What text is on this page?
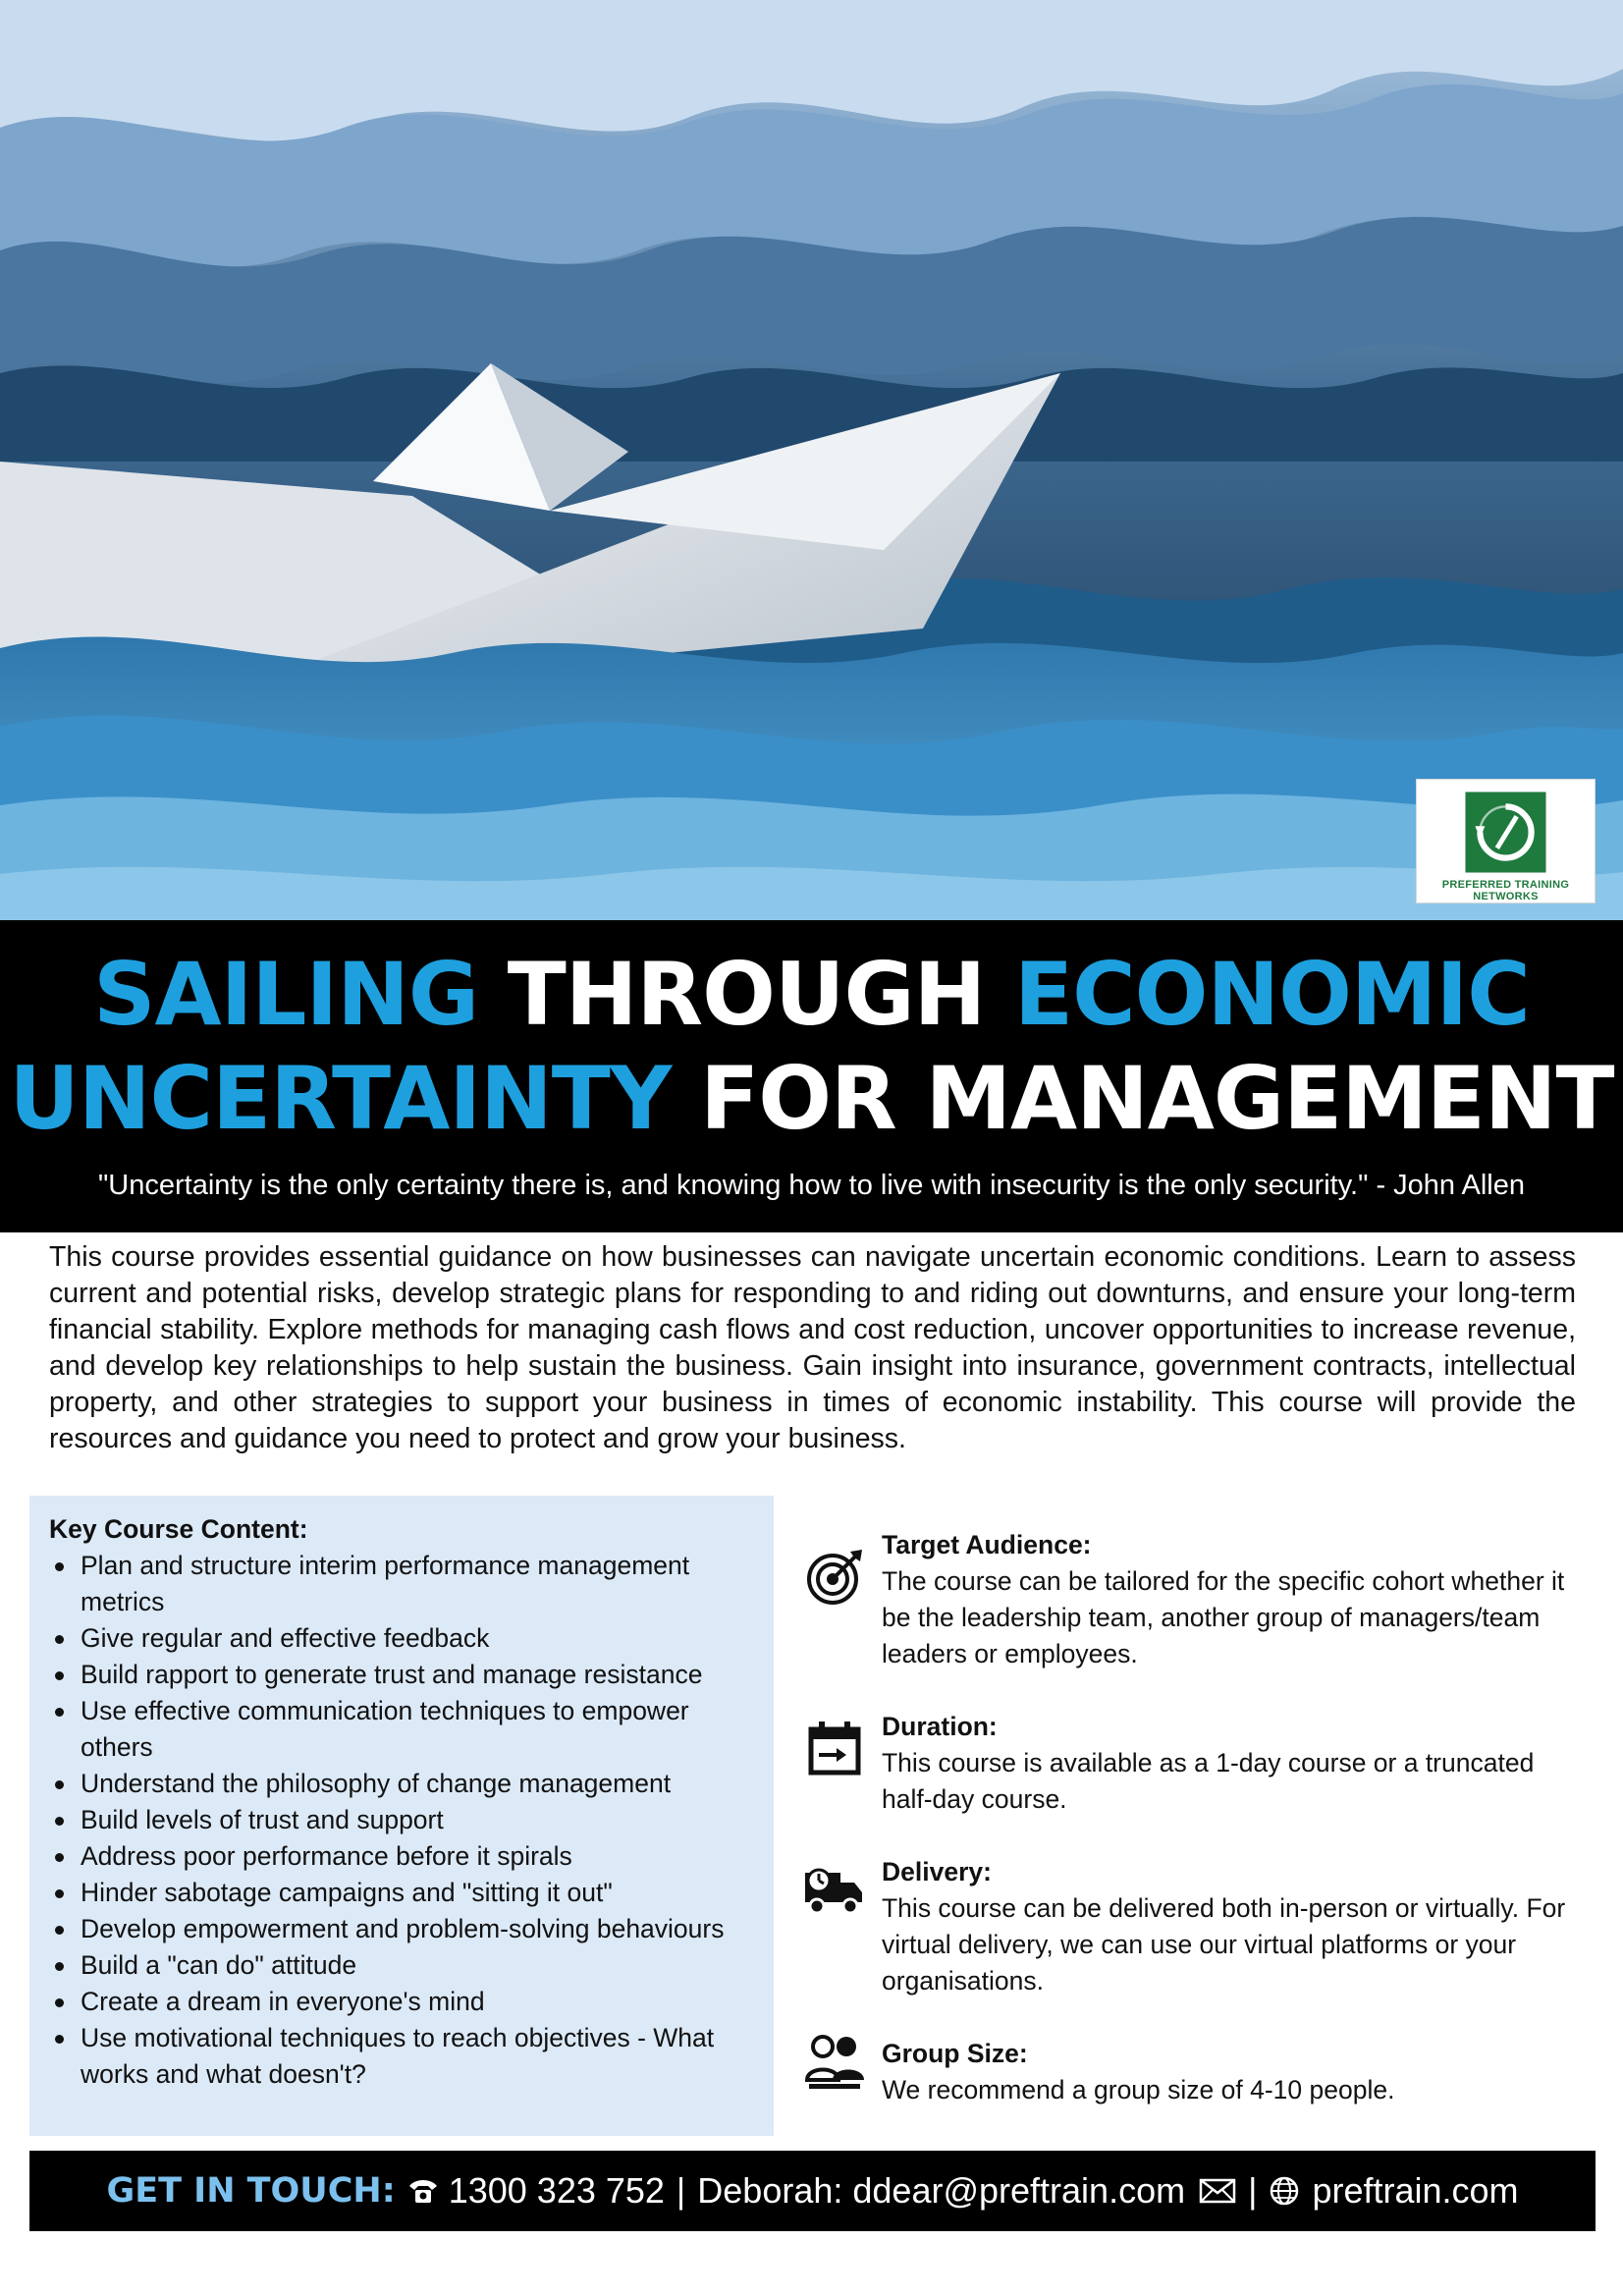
PREFERRED TRAINING
NETWORKS
SAILING THROUGH ECONOMIC
UNCERTAINTY FOR MANAGEMENT
"Uncertainty is the only certainty there is, and knowing how to live with insecurity is the only security." - John Allen

This course provides essential guidance on how businesses can navigate uncertain economic conditions. Learn to assess current and potential risks, develop strategic plans for responding to and riding out downturns, and ensure your long-term financial stability. Explore methods for managing cash flows and cost reduction, uncover opportunities to increase revenue, and develop key relationships to help sustain the business. Gain insight into insurance, government contracts, intellectual property, and other strategies to support your business in times of economic instability. This course will provide the resources and guidance you need to protect and grow your business.

Key Course Content:
Plan and structure interim performance management metrics
Give regular and effective feedback
Build rapport to generate trust and manage resistance
Use effective communication techniques to empower others
Understand the philosophy of change management
Build levels of trust and support
Address poor performance before it spirals
Hinder sabotage campaigns and "sitting it out"
Develop empowerment and problem-solving behaviours
Build a "can do" attitude
Create a dream in everyone's mind
Use motivational techniques to reach objectives - What works and what doesn't?
Target Audience:

The course can be tailored for the specific cohort whether it be the leadership team, another group of managers/team leaders or employees.

Duration:

This course is available as a 1-day course or a truncated half-day course.

Delivery:

This course can be delivered both in-person or virtually. For virtual delivery, we can use our virtual platforms or your organisations.

Group Size:

We recommend a group size of 4-10 people.

GET IN TOUCH: 1300 323 752 | Deborah: ddear@preftrain.com | preftrain.com
